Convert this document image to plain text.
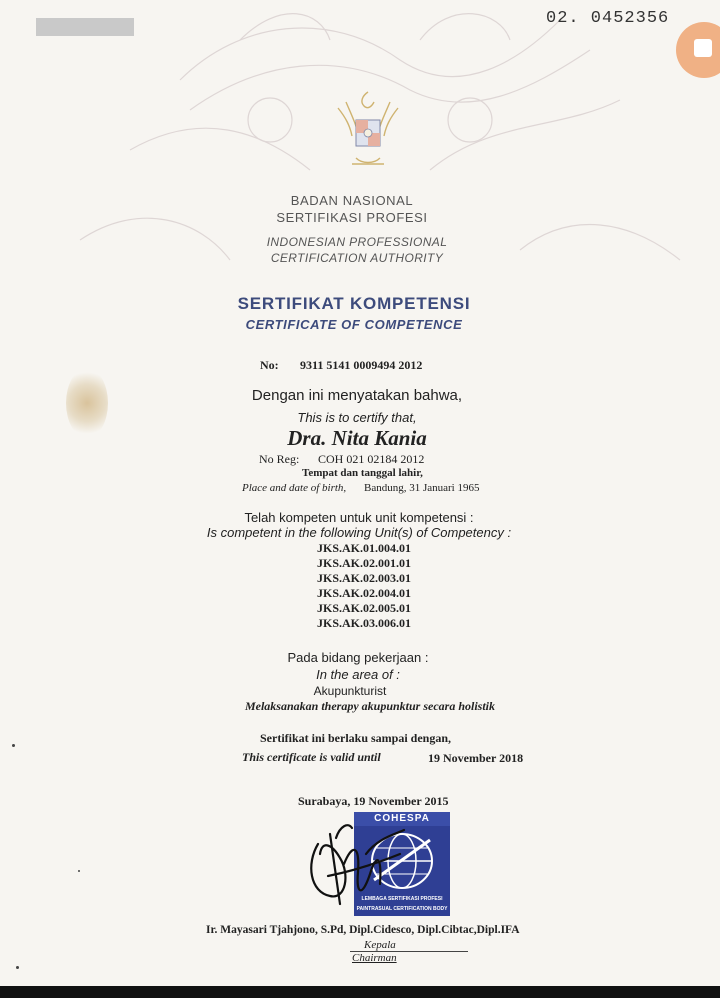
02. 0452356
BADAN NASIONAL
SERTIFIKASI PROFESI
INDONESIAN PROFESSIONAL
CERTIFICATION AUTHORITY
SERTIFIKAT KOMPETENSI
CERTIFICATE OF COMPETENCE
No: 9311 5141 0009494 2012
Dengan ini menyatakan bahwa,
This is to certify that,
Dra. Nita Kania
No Reg: COH 021 02184 2012
Tempat dan tanggal lahir,
Place and date of birth, Bandung, 31 Januari 1965
Telah kompeten untuk unit kompetensi :
Is competent in the following Unit(s) of Competency :
JKS.AK.01.004.01
JKS.AK.02.001.01
JKS.AK.02.003.01
JKS.AK.02.004.01
JKS.AK.02.005.01
JKS.AK.03.006.01
Pada bidang pekerjaan :
In the area of :
Akupunkturist
Melaksanakan therapy akupunktur secara holistik
Sertifikat ini berlaku sampai dengan,
This certificate is valid until	19 November 2018
Surabaya, 19 November 2015
COHESPA
LEMBAGA SERTIFIKASI PROFESI
PAINTRASUAL CERTIFICATION BODY
Ir. Mayasari Tjahjono, S.Pd, Dipl.Cidesco, Dipl.Cibtac,Dipl.IFA
Kepala
Chairman
